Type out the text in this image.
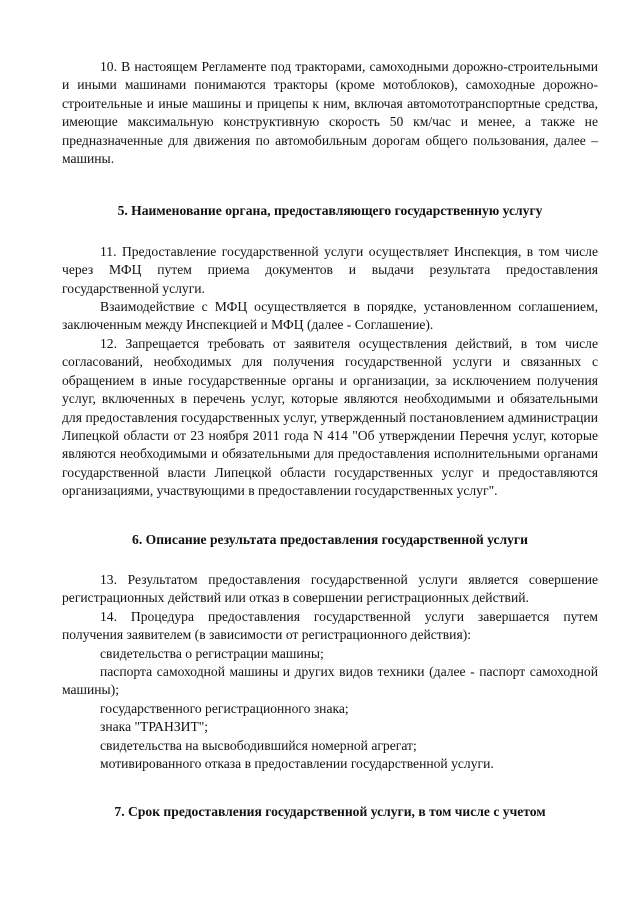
10. В настоящем Регламенте под тракторами, самоходными дорожно-строительными и иными машинами понимаются тракторы (кроме мотоблоков), самоходные дорожно-строительные и иные машины и прицепы к ним, включая автомототранспортные средства, имеющие максимальную конструктивную скорость 50 км/час и менее, а также не предназначенные для движения по автомобильным дорогам общего пользования, далее – машины.

5. Наименование органа, предоставляющего государственную услугу

11. Предоставление государственной услуги осуществляет Инспекция, в том числе через МФЦ путем приема документов и выдачи результата предоставления государственной услуги.

Взаимодействие с МФЦ осуществляется в порядке, установленном соглашением, заключенным между Инспекцией и МФЦ (далее - Соглашение).

12. Запрещается требовать от заявителя осуществления действий, в том числе согласований, необходимых для получения государственной услуги и связанных с обращением в иные государственные органы и организации, за исключением получения услуг, включенных в перечень услуг, которые являются необходимыми и обязательными для предоставления государственных услуг, утвержденный постановлением администрации Липецкой области от 23 ноября 2011 года N 414 "Об утверждении Перечня услуг, которые являются необходимыми и обязательными для предоставления исполнительными органами государственной власти Липецкой области государственных услуг и предоставляются организациями, участвующими в предоставлении государственных услуг".

6. Описание результата предоставления государственной услуги

13. Результатом предоставления государственной услуги является совершение регистрационных действий или отказ в совершении регистрационных действий.

14. Процедура предоставления государственной услуги завершается путем получения заявителем (в зависимости от регистрационного действия):

свидетельства о регистрации машины;

паспорта самоходной машины и других видов техники (далее - паспорт самоходной машины);

государственного регистрационного знака;

знака "ТРАНЗИТ";

свидетельства на высвободившийся номерной агрегат;

мотивированного отказа в предоставлении государственной услуги.

7. Срок предоставления государственной услуги, в том числе с учетом
